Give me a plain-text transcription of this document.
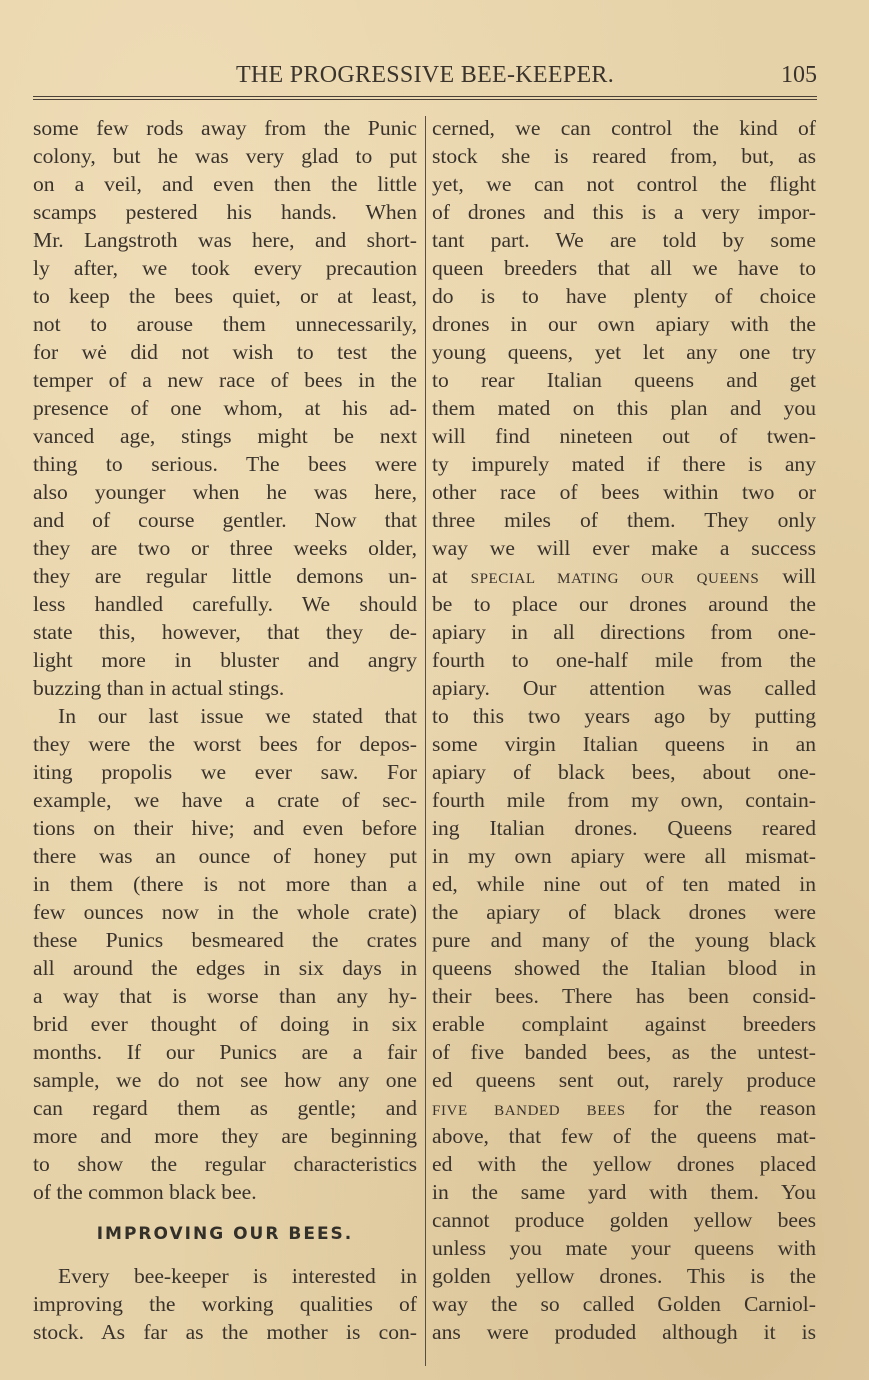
THE PROGRESSIVE BEE-KEEPER.	105
some few rods away from the Punic
colony, but he was very glad to put
on a veil, and even then the little
scamps pestered his hands. When
Mr. Langstroth was here, and short-
ly after, we took every precaution
to keep the bees quiet, or at least,
not to arouse them unnecessarily,
for wė did not wish to test the
temper of a new race of bees in the
presence of one whom, at his ad-
vanced age, stings might be next
thing to serious. The bees were
also younger when he was here,
and of course gentler. Now that
they are two or three weeks older,
they are regular little demons un-
less handled carefully. We should
state this, however, that they de-
light more in bluster and angry
buzzing than in actual stings.
In our last issue we stated that
they were the worst bees for depos-
iting propolis we ever saw. For
example, we have a crate of sec-
tions on their hive; and even before
there was an ounce of honey put
in them (there is not more than a
few ounces now in the whole crate)
these Punics besmeared the crates
all around the edges in six days in
a way that is worse than any hy-
brid ever thought of doing in six
months. If our Punics are a fair
sample, we do not see how any one
can regard them as gentle; and
more and more they are beginning
to show the regular characteristics
of the common black bee.
IMPROVING OUR BEES.
Every bee-keeper is interested in
improving the working qualities of
stock. As far as the mother is con-
cerned, we can control the kind of
stock she is reared from, but, as
yet, we can not control the flight
of drones and this is a very impor-
tant part. We are told by some
queen breeders that all we have to
do is to have plenty of choice
drones in our own apiary with the
young queens, yet let any one try
to rear Italian queens and get
them mated on this plan and you
will find nineteen out of twen-
ty impurely mated if there is any
other race of bees within two or
three miles of them. They only
way we will ever make a success
at SPECIAL MATING OUR QUEENS will
be to place our drones around the
apiary in all directions from one-
fourth to one-half mile from the
apiary. Our attention was called
to this two years ago by putting
some virgin Italian queens in an
apiary of black bees, about one-
fourth mile from my own, contain-
ing Italian drones. Queens reared
in my own apiary were all mismat-
ed, while nine out of ten mated in
the apiary of black drones were
pure and many of the young black
queens showed the Italian blood in
their bees. There has been consid-
erable complaint against breeders
of five banded bees, as the untest-
ed queens sent out, rarely produce
FIVE BANDED BEES for the reason
above, that few of the queens mat-
ed with the yellow drones placed
in the same yard with them. You
cannot produce golden yellow bees
unless you mate your queens with
golden yellow drones. This is the
way the so called Golden Carniol-
ans were produded although it is
